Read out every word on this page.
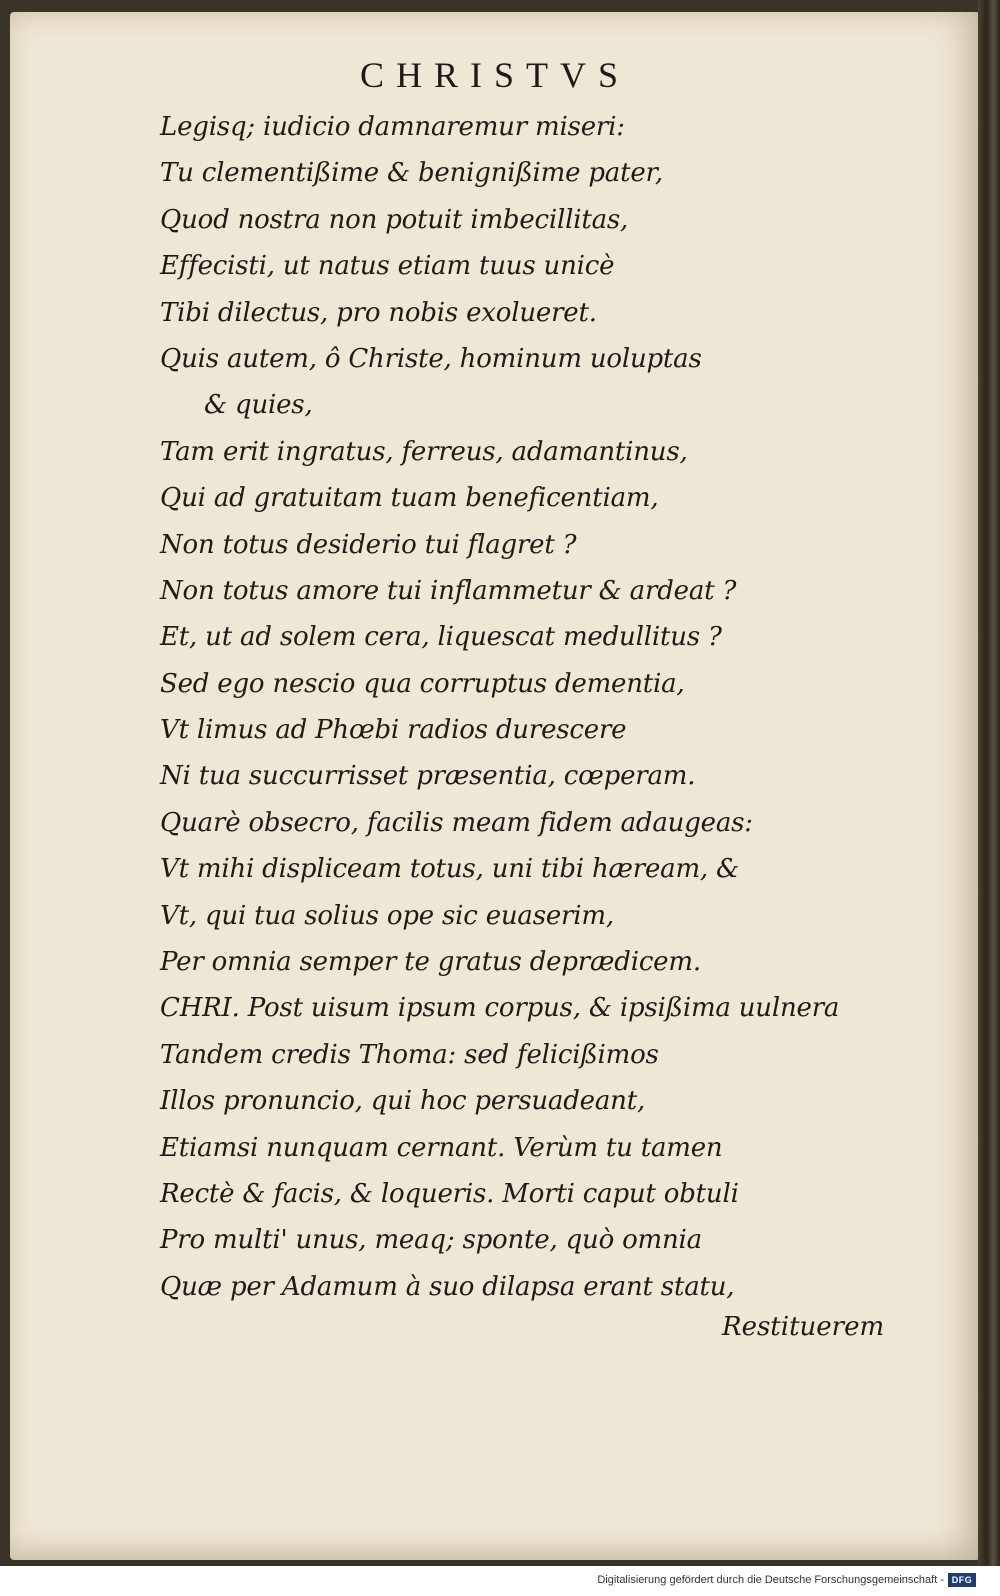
CHRISTVS
Legisq; iudicio damnaremur miseri:
Tu clementißime & benignißime pater,
Quod nostra non potuit imbecillitas,
Effecisti, ut natus etiam tuus unicè
Tibi dilectus, pro nobis exolueret.
Quis autem, ô Christe, hominum uoluptas
& quies,
Tam erit ingratus, ferreus, adamantinus,
Qui ad gratuitam tuam beneficentiam,
Non totus desiderio tui flagret ?
Non totus amore tui inflammetur & ardeat ?
Et, ut ad solem cera, liquescat medullitus ?
Sed ego nescio qua corruptus dementia,
Vt limus ad Phœbi radios durescere
Ni tua succurrisset præsentia, cœperam.
Quarè obsecro, facilis meam fidem adaugeas:
Vt mihi displiceam totus, uni tibi hæream, &
Vt, qui tua solius ope sic euaserim,
Per omnia semper te gratus deprædicem.
CHRI. Post uisum ipsum corpus, & ipsißima uulnera
Tandem credis Thoma: sed felicißimos
Illos pronuncio, qui hoc persuadeant,
Etiamsi nunquam cernant. Verùm tu tamen
Rectè & facis, & loqueris. Morti caput obtuli
Pro multi' unus, meaq; sponte, quò omnia
Quæ per Adamum à suo dilapsa erant statu,
Restituerem
Digitalisierung gefördert durch die Deutsche Forschungsgemeinschaft - DFG
